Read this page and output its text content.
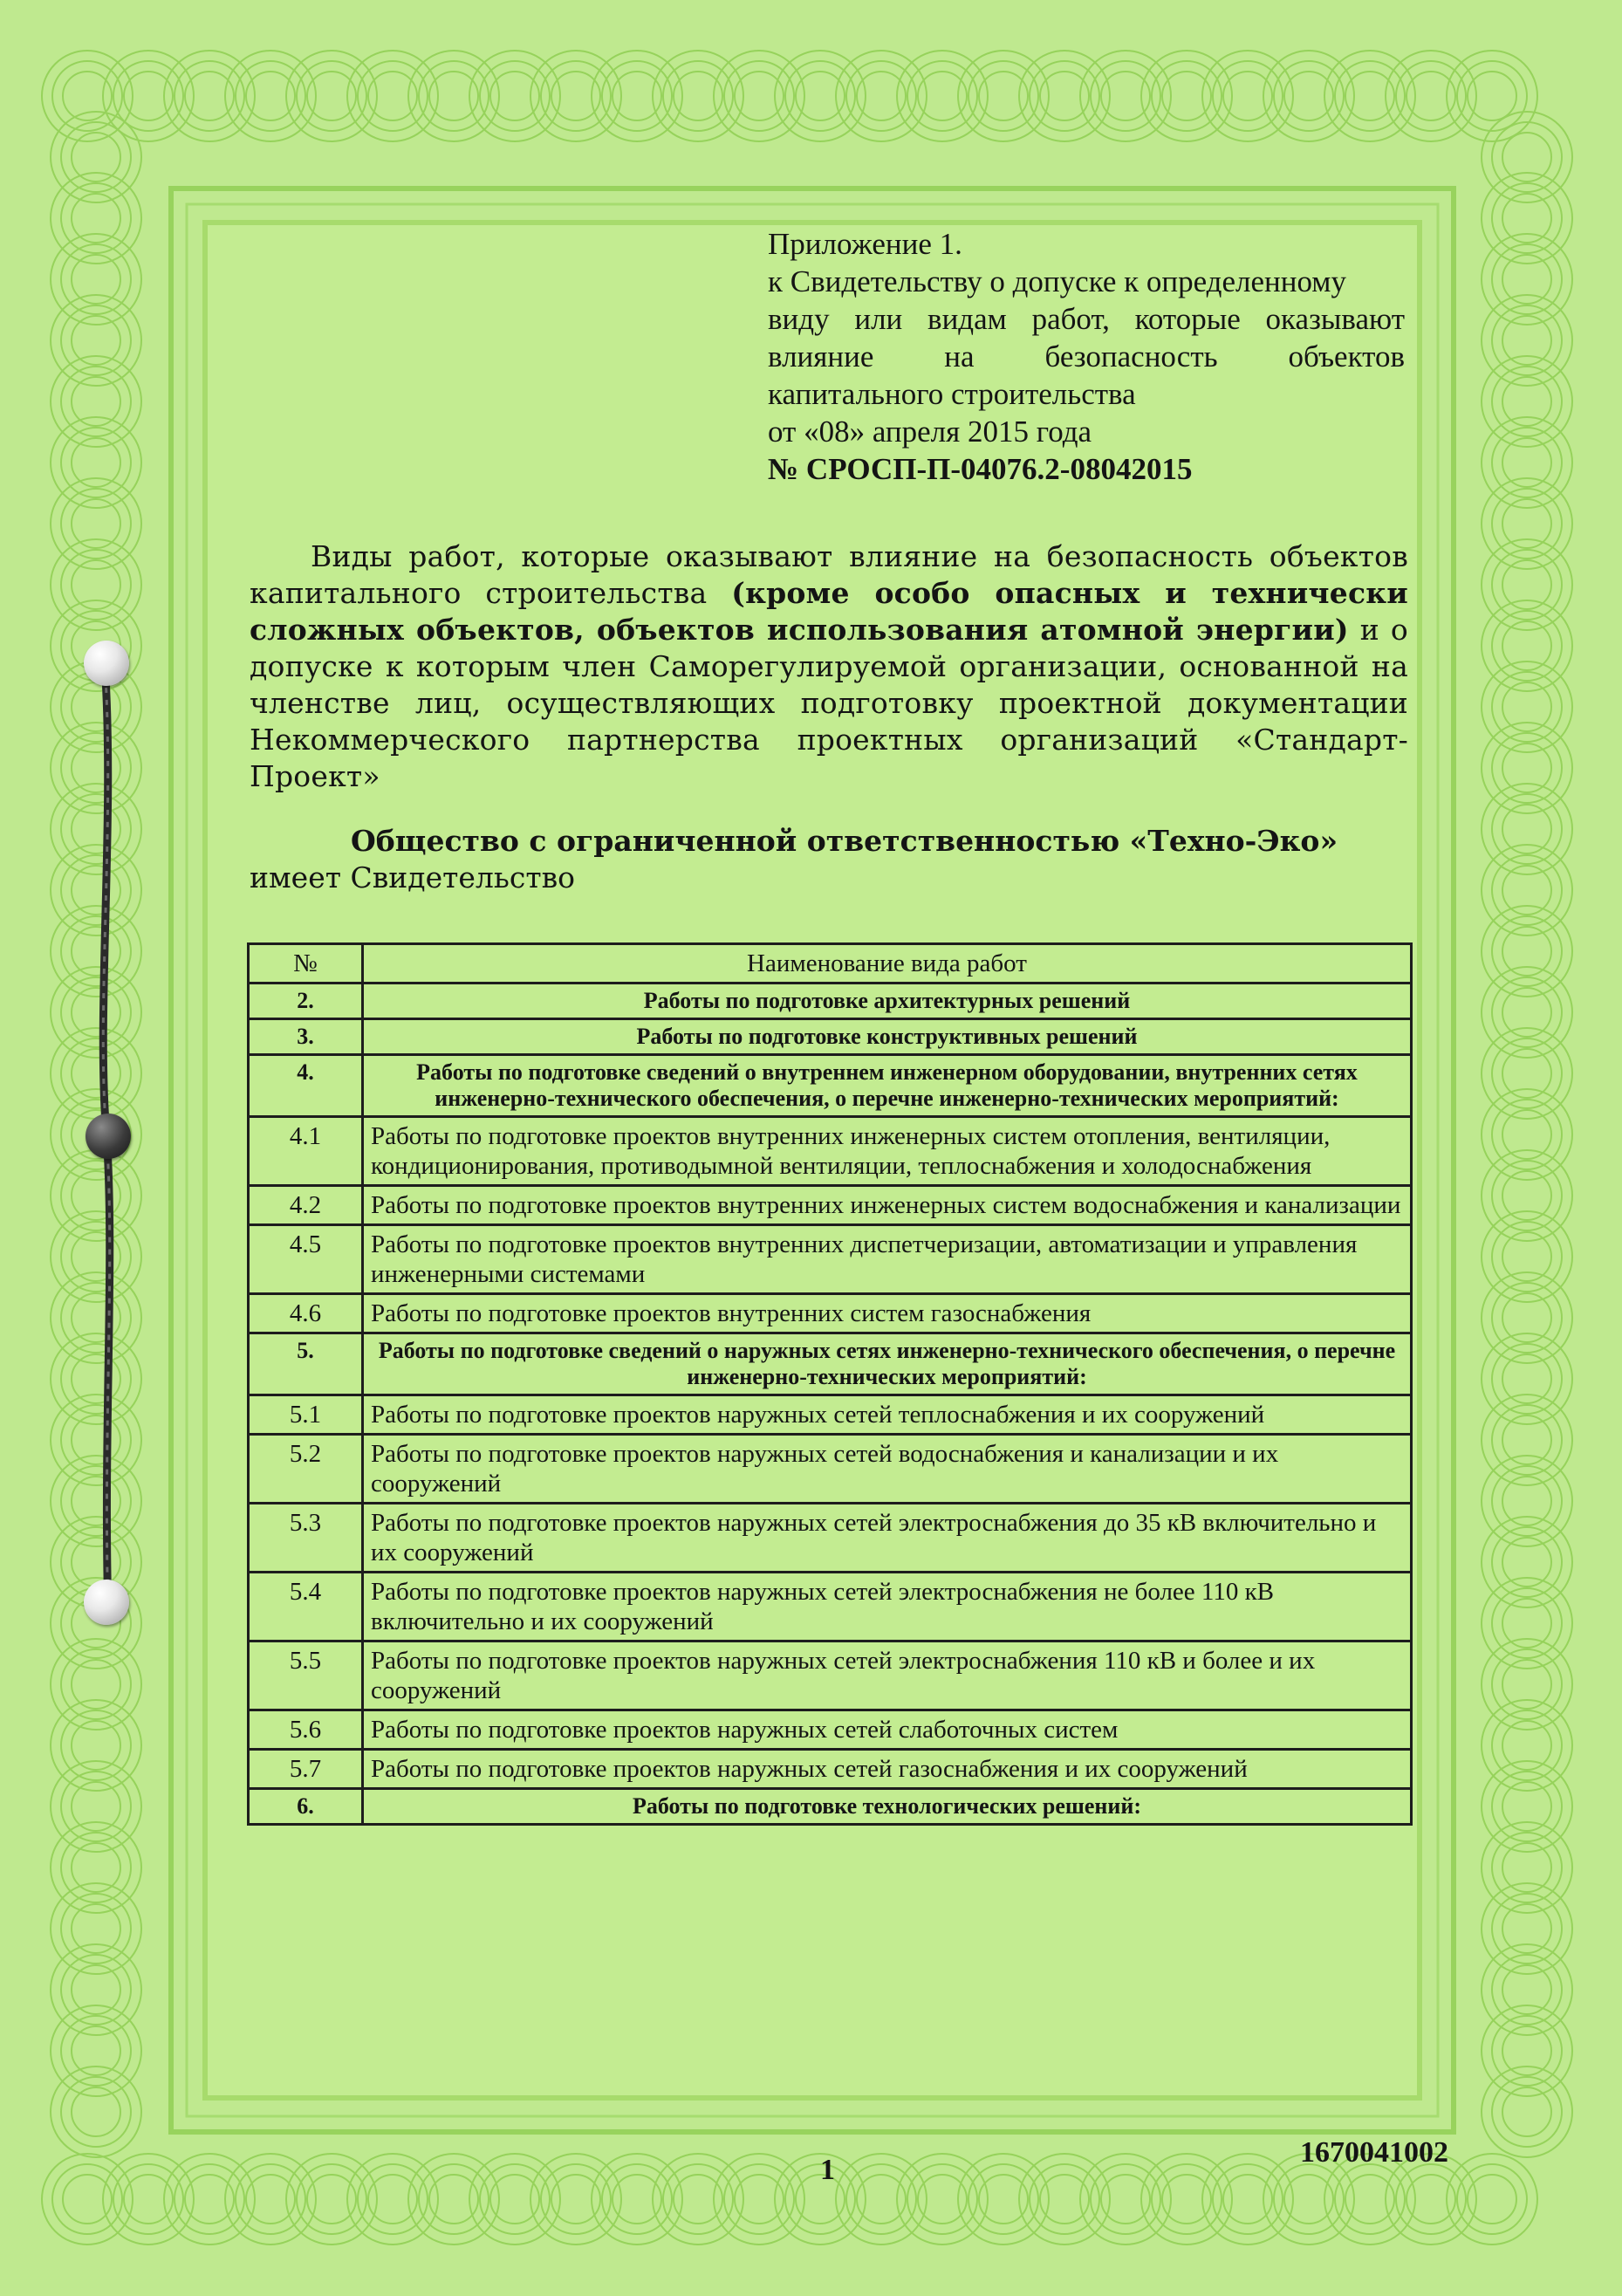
Приложение 1.
к Свидетельству о допуске к определенному
виду или видам работ, которые оказывают
влияние на безопасность объектов
капитального строительства
от «08» апреля 2015 года
№ СРОСП-П-04076.2-08042015
Виды работ, которые оказывают влияние на безопасность объектов капитального строительства (кроме особо опасных и технически сложных объектов, объектов использования атомной энергии) и о допуске к которым член Саморегулируемой организации, основанной на членстве лиц, осуществляющих подготовку проектной документации Некоммерческого партнерства проектных организаций «Стандарт-Проект»
Общество с ограниченной ответственностью «Техно-Эко»
имеет Свидетельство
№	Наименование вида работ
2.	Работы по подготовке архитектурных решений
3.	Работы по подготовке конструктивных решений
4.	Работы по подготовке сведений о внутреннем инженерном оборудовании, внутренних сетях инженерно-технического обеспечения, о перечне инженерно-технических мероприятий:
4.1	Работы по подготовке проектов внутренних инженерных систем отопления, вентиляции, кондиционирования, противодымной вентиляции, теплоснабжения и холодоснабжения
4.2	Работы по подготовке проектов внутренних инженерных систем водоснабжения и канализации
4.5	Работы по подготовке проектов внутренних диспетчеризации, автоматизации и управления инженерными системами
4.6	Работы по подготовке проектов внутренних систем газоснабжения
5.	Работы по подготовке сведений о наружных сетях инженерно-технического обеспечения, о перечне инженерно-технических мероприятий:
5.1	Работы по подготовке проектов наружных сетей теплоснабжения и их сооружений
5.2	Работы по подготовке проектов наружных сетей водоснабжения и канализации и их сооружений
5.3	Работы по подготовке проектов наружных сетей электроснабжения до 35 кВ включительно и их сооружений
5.4	Работы по подготовке проектов наружных сетей электроснабжения не более 110 кВ включительно и их сооружений
5.5	Работы по подготовке проектов наружных сетей электроснабжения 110 кВ и более и их сооружений
5.6	Работы по подготовке проектов наружных сетей слаботочных систем
5.7	Работы по подготовке проектов наружных сетей газоснабжения и их сооружений
6.	Работы по подготовке технологических решений:
1
1670041002
